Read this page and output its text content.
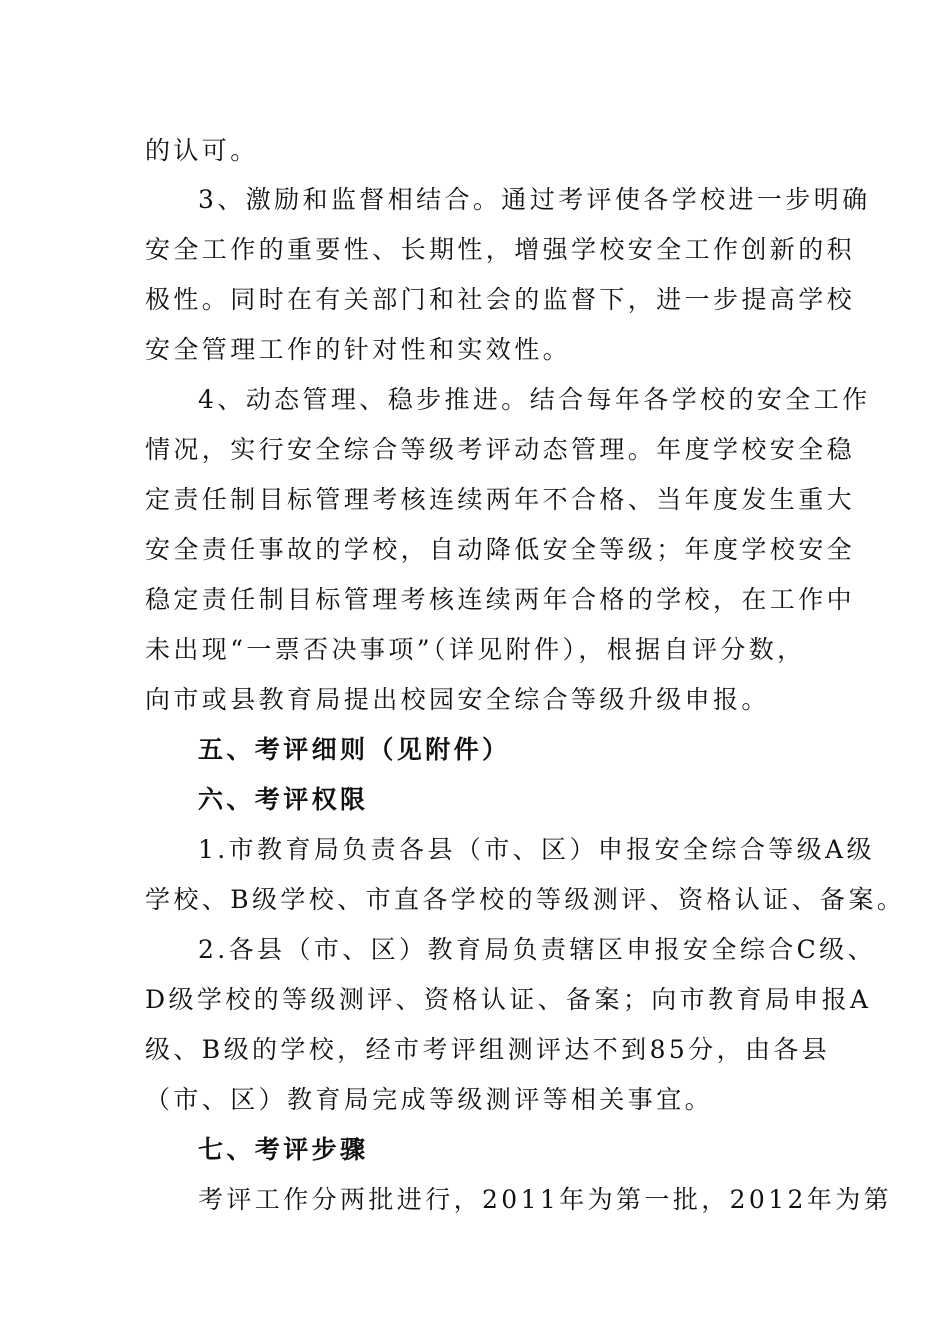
的认可。
3、激励和监督相结合。通过考评使各学校进一步明确
安全工作的重要性、长期性，增强学校安全工作创新的积
极性。同时在有关部门和社会的监督下，进一步提高学校
安全管理工作的针对性和实效性。
4、动态管理、稳步推进。结合每年各学校的安全工作
情况，实行安全综合等级考评动态管理。年度学校安全稳
定责任制目标管理考核连续两年不合格、当年度发生重大
安全责任事故的学校，自动降低安全等级；年度学校安全
稳定责任制目标管理考核连续两年合格的学校，在工作中
未出现“一票否决事项”（详见附件），根据自评分数，
向市或县教育局提出校园安全综合等级升级申报。
五、考评细则（见附件）
六、考评权限
1.市教育局负责各县（市、区）申报安全综合等级A级
学校、B级学校、市直各学校的等级测评、资格认证、备案。
2.各县（市、区）教育局负责辖区申报安全综合C级、
D级学校的等级测评、资格认证、备案；向市教育局申报A
级、B级的学校，经市考评组测评达不到85分，由各县
（市、区）教育局完成等级测评等相关事宜。
七、考评步骤
考评工作分两批进行，2011年为第一批，2012年为第
